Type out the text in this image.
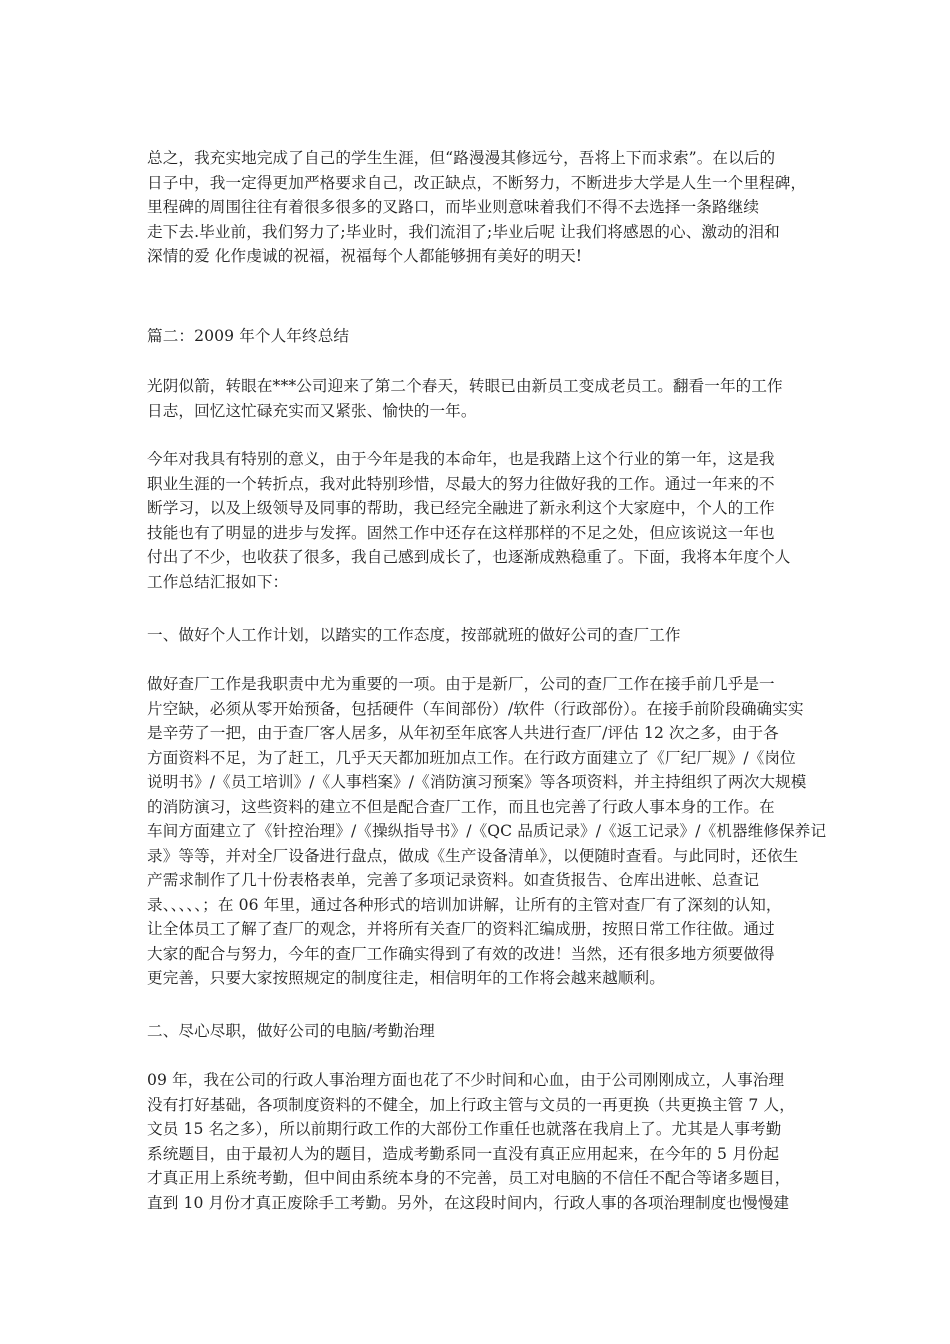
总之，我充实地完成了自己的学生生涯，但“路漫漫其修远兮，吾将上下而求索”。在以后的
日子中，我一定得更加严格要求自己，改正缺点，不断努力，不断进步大学是人生一个里程碑，
里程碑的周围往往有着很多很多的叉路口，而毕业则意味着我们不得不去选择一条路继续
走下去.毕业前，我们努力了;毕业时，我们流泪了;毕业后呢 让我们将感恩的心、激动的泪和
深情的爱 化作虔诚的祝福，祝福每个人都能够拥有美好的明天!
篇二：2009 年个人年终总结
光阴似箭，转眼在***公司迎来了第二个春天，转眼已由新员工变成老员工。翻看一年的工作
日志，回忆这忙碌充实而又紧张、愉快的一年。
今年对我具有特别的意义，由于今年是我的本命年，也是我踏上这个行业的第一年，这是我
职业生涯的一个转折点，我对此特别珍惜，尽最大的努力往做好我的工作。通过一年来的不
断学习，以及上级领导及同事的帮助，我已经完全融进了新永利这个大家庭中，个人的工作
技能也有了明显的进步与发挥。固然工作中还存在这样那样的不足之处，但应该说这一年也
付出了不少，也收获了很多，我自己感到成长了，也逐渐成熟稳重了。下面，我将本年度个人
工作总结汇报如下：
一、做好个人工作计划，以踏实的工作态度，按部就班的做好公司的查厂工作
做好查厂工作是我职责中尤为重要的一项。由于是新厂，公司的查厂工作在接手前几乎是一
片空缺，必须从零开始预备，包括硬件（车间部份）/软件（行政部份）。在接手前阶段确确实实
是辛劳了一把，由于查厂客人居多，从年初至年底客人共进行查厂/评估 12 次之多，由于各
方面资料不足，为了赶工，几乎天天都加班加点工作。在行政方面建立了《厂纪厂规》/《岗位
说明书》/《员工培训》/《人事档案》/《消防演习预案》等各项资料，并主持组织了两次大规模
的消防演习，这些资料的建立不但是配合查厂工作，而且也完善了行政人事本身的工作。在
车间方面建立了《针控治理》/《操纵指导书》/《QC 品质记录》/《返工记录》/《机器维修保养记
录》等等，并对全厂设备进行盘点，做成《生产设备清单》，以便随时查看。与此同时，还依生
产需求制作了几十份表格表单，完善了多项记录资料。如查货报告、仓库出进帐、总查记
录、、、、、；在 06 年里，通过各种形式的培训加讲解，让所有的主管对查厂有了深刻的认知，
让全体员工了解了查厂的观念，并将所有关查厂的资料汇编成册，按照日常工作往做。通过
大家的配合与努力，今年的查厂工作确实得到了有效的改进！当然，还有很多地方须要做得
更完善，只要大家按照规定的制度往走，相信明年的工作将会越来越顺利。
二、尽心尽职，做好公司的电脑/考勤治理
09 年，我在公司的行政人事治理方面也花了不少时间和心血，由于公司刚刚成立，人事治理
没有打好基础，各项制度资料的不健全，加上行政主管与文员的一再更换（共更换主管 7 人，
文员 15 名之多），所以前期行政工作的大部份工作重任也就落在我肩上了。尤其是人事考勤
系统题目，由于最初人为的题目，造成考勤系同一直没有真正应用起来，在今年的 5 月份起
才真正用上系统考勤，但中间由系统本身的不完善，员工对电脑的不信任不配合等诸多题目，
直到 10 月份才真正废除手工考勤。另外，在这段时间内，行政人事的各项治理制度也慢慢建
